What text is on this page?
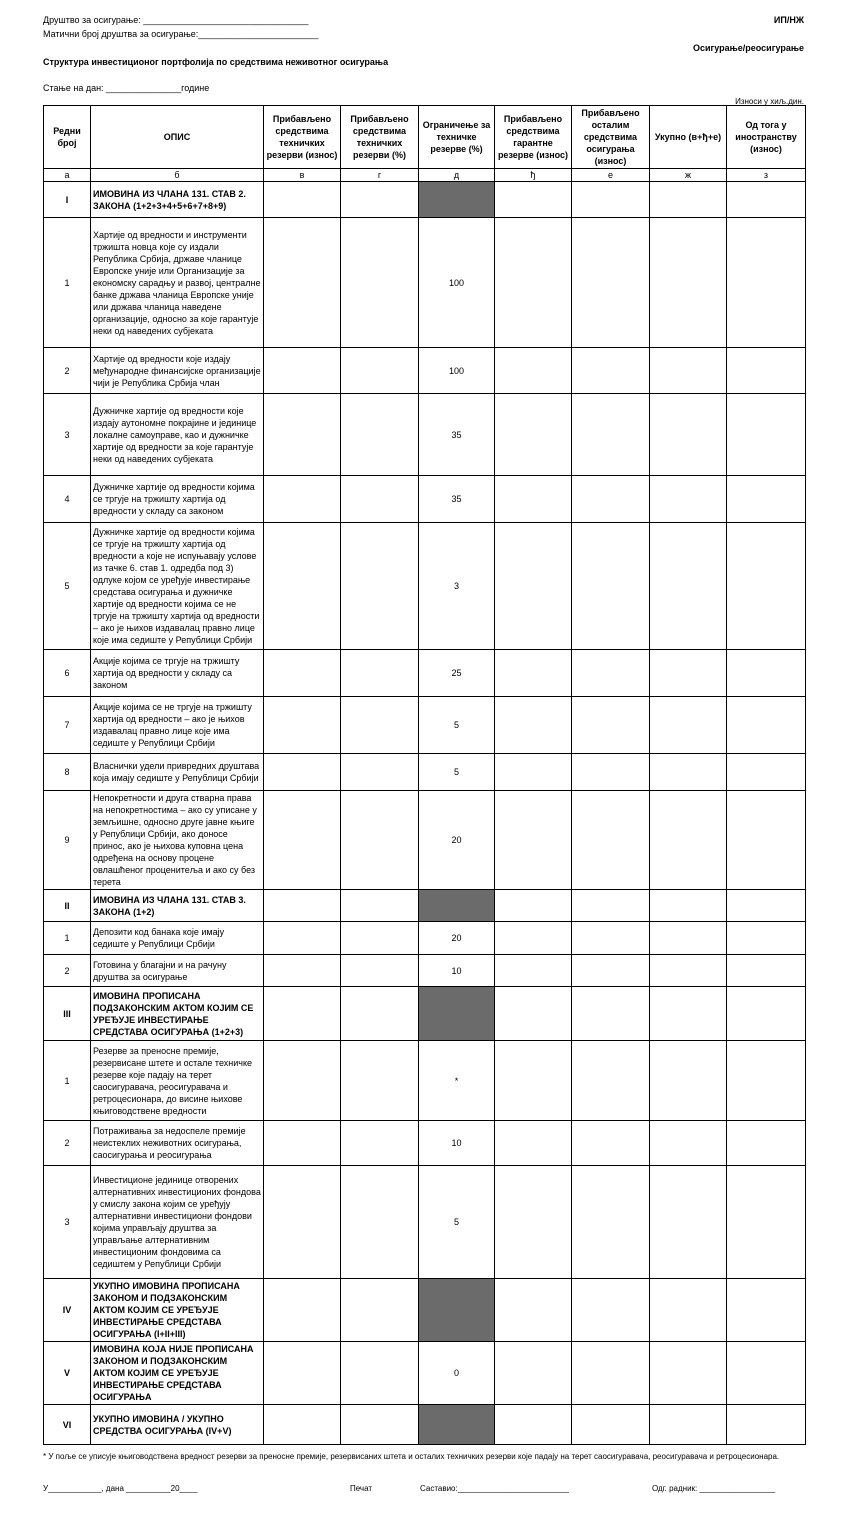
Друштво за осигурање: _________________________________
Матични број друштва за осигурање:________________________
ИП/НЖ
Осигурање/реосигурање
Структура инвестиционог портфолија по средствима неживотног осигурања
Стање на дан: _______________године
Износи у хиљ.дин.
Редни број	ОПИС	Прибављено средствима техничких резерви (износ)	Прибављено средствима техничких резерви (%)	Ограничење за техничке резерве (%)	Прибављено средствима гарантне резерве (износ)	Прибављено осталим средствима осигурања (износ)	Укупно (в+ђ+е)	Од тога у иностранству (износ)
а	б	в	г	д	ђ	е	ж	з
I	ИМОВИНА ИЗ ЧЛАНА 131. СТАВ 2. ЗАКОНА (1+2+3+4+5+6+7+8+9)							
1	Хартије од вредности и инструменти тржишта новца које су издали Република Србија, државе чланице Европске уније или Организације за економску сарадњу и развој, централне банке држава чланица Европске уније или држава чланица наведене организације, односно за које гарантује неки од наведених субјеката			100				
2	Хартије од вредности које издају међународне финансијске организације чији је Република Србија члан			100				
3	Дужничке хартије од вредности које издају аутономне покрајине и јединице локалне самоуправе, као и дужничке хартије од вредности за које гарантује неки од наведених субјеката			35				
4	Дужничке хартије од вредности којима се тргује на тржишту хартија од вредности у складу са законом			35				
5	Дужничке хартије од вредности којима се тргује на тржишту хартија од вредности а које не испуњавају услове из тачке 6. став 1. одредба под 3) одлуке којом се уређује инвестирање средстава осигурања и дужничке хартије од вредности којима се не тргује на тржишту хартија од вредности – ако је њихов издавалац правно лице које има седиште у Републици Србији			3				
6	Акције којима се тргује на тржишту хартија од вредности у складу са законом			25				
7	Акције којима се не тргује на тржишту хартија од вредности – ако је њихов издавалац правно лице које има седиште у Републици Србији			5				
8	Власнички удели привредних друштава која имају седиште у Републици Србији			5				
9	Непокретности и друга стварна права на непокретностима – ако су уписане у земљишне, односно друге јавне књиге у Републици Србији, ако доносе принос, ако је њихова куповна цена одређена на основу процене овлашћеног проценитеља и ако су без терета			20				
II	ИМОВИНА ИЗ ЧЛАНА 131. СТАВ 3. ЗАКОНА (1+2)							
1	Депозити код банака које имају седиште у Републици Србији			20				
2	Готовина у благајни и на рачуну друштва за осигурање			10				
III	ИМОВИНА ПРОПИСАНА ПОДЗАКОНСКИМ АКТОМ КОЈИМ СЕ УРЕЂУЈЕ ИНВЕСТИРАЊЕ СРЕДСТАВА ОСИГУРАЊА (1+2+3)							
1	Резерве за преносне премије, резервисане штете и остале техничке резерве које падају на терет саосигуравача, реосигуравача и ретроцесионара, до висине њихове књиговодствене вредности			*				
2	Потраживања за недоспеле премије неистеклих неживотних осигурања, саосигурања и реосигурања			10				
3	Инвестиционе јединице отворених алтернативних инвестиционих фондова у смислу закона којим се уређују алтернативни инвестициони фондови којима управљају друштва за управљање алтернативним инвестиционим фондовима са седиштем у Републици Србији			5				
IV	УКУПНО ИМОВИНА ПРОПИСАНА ЗАКОНОМ И ПОДЗАКОНСКИМ АКТОМ КОЈИМ СЕ УРЕЂУЈЕ ИНВЕСТИРАЊЕ СРЕДСТАВА ОСИГУРАЊА (I+II+III)							
V	ИМОВИНА КОЈА НИЈЕ ПРОПИСАНА ЗАКОНОМ И ПОДЗАКОНСКИМ АКТОМ КОЈИМ СЕ УРЕЂУЈЕ ИНВЕСТИРАЊЕ СРЕДСТАВА ОСИГУРАЊА			0				
VI	УКУПНО ИМОВИНА / УКУПНО СРЕДСТВА ОСИГУРАЊА (IV+V)							
* У поље се уписује књиговодствена вредност резерви за преносне премије, резервисаних штета и осталих техничких резерви које падају на терет саосигуравача, реосигуравача и ретроцесионара.
У____________, дана __________20____	Печат	Саставио:_________________________	Одг. радник: _________________
